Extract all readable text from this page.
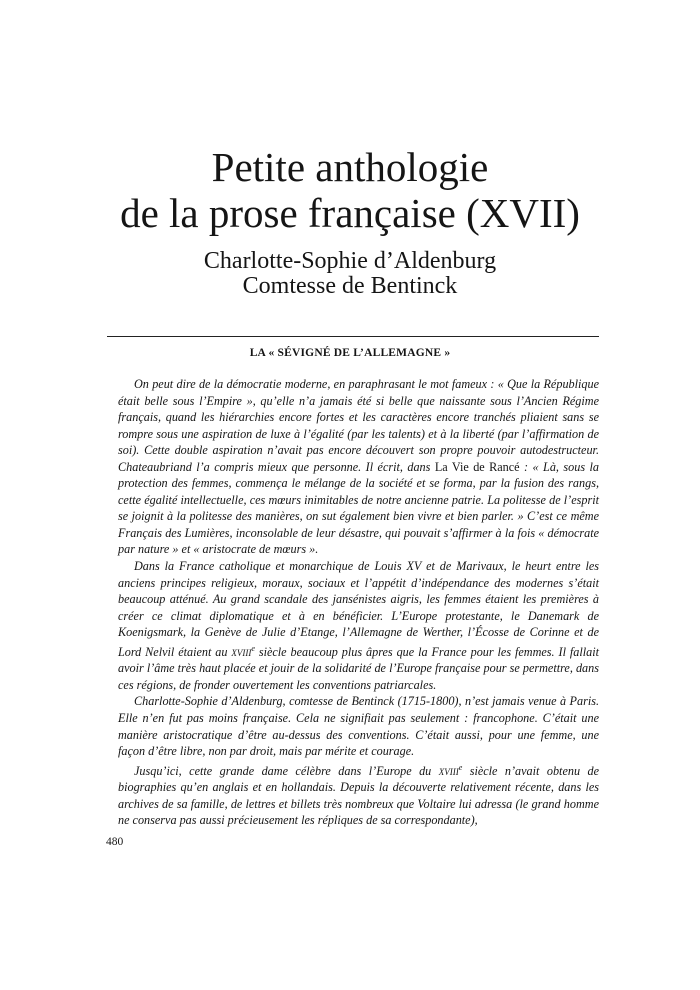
Petite anthologie
de la prose française (XVII)
Charlotte-Sophie d’Aldenburg
Comtesse de Bentinck
LA « SÉVIGNÉ DE L’ALLEMAGNE »

On peut dire de la démocratie moderne, en paraphrasant le mot fameux : « Que la République était belle sous l’Empire », qu’elle n’a jamais été si belle que naissante sous l’Ancien Régime français, quand les hiérarchies encore fortes et les caractères encore tranchés pliaient sans se rompre sous une aspiration de luxe à l’égalité (par les talents) et à la liberté (par l’affirmation de soi). Cette double aspiration n’avait pas encore découvert son propre pouvoir autodestructeur. Chateaubriand l’a compris mieux que personne. Il écrit, dans La Vie de Rancé : « Là, sous la protection des femmes, commença le mélange de la société et se forma, par la fusion des rangs, cette égalité intellectuelle, ces mœurs inimitables de notre ancienne patrie. La politesse de l’esprit se joignit à la politesse des manières, on sut également bien vivre et bien parler. » C’est ce même Français des Lumières, inconsolable de leur désastre, qui pouvait s’affirmer à la fois « démocrate par nature » et « aristocrate de mœurs ».

Dans la France catholique et monarchique de Louis XV et de Marivaux, le heurt entre les anciens principes religieux, moraux, sociaux et l’appétit d’indépendance des modernes s’était beaucoup atténué. Au grand scandale des jansénistes aigris, les femmes étaient les premières à créer ce climat diplomatique et à en bénéficier. L’Europe protestante, le Danemark de Koenigsmark, la Genève de Julie d’Etange, l’Allemagne de Werther, l’Écosse de Corinne et de Lord Nelvil étaient au xviii$^e$ siècle beaucoup plus âpres que la France pour les femmes. Il fallait avoir l’âme très haut placée et jouir de la solidarité de l’Europe française pour se permettre, dans ces régions, de fronder ouvertement les conventions patriarcales.

Charlotte-Sophie d’Aldenburg, comtesse de Bentinck (1715-1800), n’est jamais venue à Paris. Elle n’en fut pas moins française. Cela ne signifiait pas seulement : francophone. C’était une manière aristocratique d’être au-dessus des conventions. C’était aussi, pour une femme, une façon d’être libre, non par droit, mais par mérite et courage.

Jusqu’ici, cette grande dame célèbre dans l’Europe du xviii$^e$ siècle n’avait obtenu de biographies qu’en anglais et en hollandais. Depuis la découverte relativement récente, dans les archives de sa famille, de lettres et billets très nombreux que Voltaire lui adressa (le grand homme ne conserva pas aussi précieusement les répliques de sa correspondante),

480
